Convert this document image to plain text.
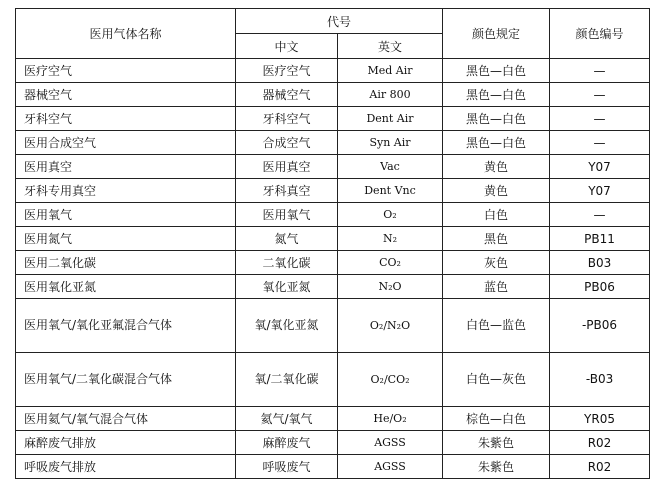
医用气体名称	代号		颜色规定	颜色编号
	中文	英文		
医疗空气	医疗空气	Med Air	黑色—白色	—
器械空气	器械空气	Air 800	黑色—白色	—
牙科空气	牙科空气	Dent Air	黑色—白色	—
医用合成空气	合成空气	Syn Air	黑色—白色	—
医用真空	医用真空	Vac	黄色	Y07
牙科专用真空	牙科真空	Dent Vnc	黄色	Y07
医用氧气	医用氧气	O₂	白色	—
医用氮气	氮气	N₂	黑色	PB11
医用二氧化碳	二氧化碳	CO₂	灰色	B03
医用氧化亚氮	氧化亚氮	N₂O	蓝色	PB06
医用氧气/氧化亚氟混合气体	氧/氧化亚氮	O₂/N₂O	白色—监色	-PB06
医用氧气/二氧化碳混合气体	氧/二氧化碳	O₂/CO₂	白色—灰色	-B03
医用氦气/氧气混合气体	氦气/氧气	He/O₂	棕色—白色	YR05
麻醉废气排放	麻醉废气	AGSS	朱紫色	R02
呼吸废气排放	呼吸废气	AGSS	朱紫色	R02
